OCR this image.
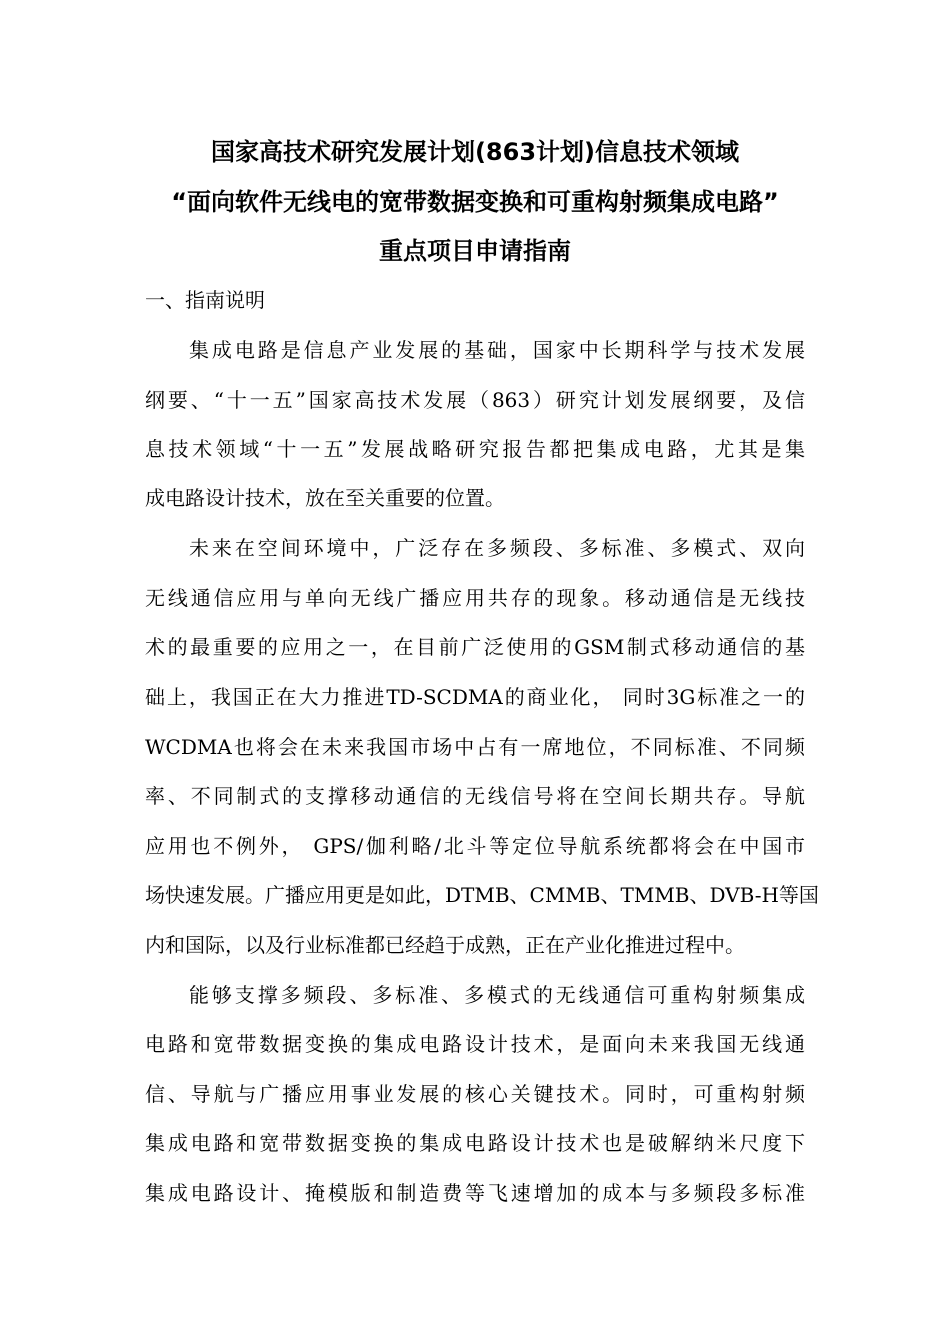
国家高技术研究发展计划(863计划)信息技术领域
“面向软件无线电的宽带数据变换和可重构射频集成电路”
重点项目申请指南
一、指南说明
集成电路是信息产业发展的基础，国家中长期科学与技术发展
纲要、“十一五”国家高技术发展（863）研究计划发展纲要，及信
息技术领域“十一五”发展战略研究报告都把集成电路，尤其是集
成电路设计技术，放在至关重要的位置。
未来在空间环境中，广泛存在多频段、多标准、多模式、双向
无线通信应用与单向无线广播应用共存的现象。移动通信是无线技
术的最重要的应用之一，在目前广泛使用的GSM制式移动通信的基
础上，我国正在大力推进TD-SCDMA的商业化， 同时3G标准之一的
WCDMA也将会在未来我国市场中占有一席地位，不同标准、不同频
率、不同制式的支撑移动通信的无线信号将在空间长期共存。导航
应用也不例外， GPS/伽利略/北斗等定位导航系统都将会在中国市
场快速发展。广播应用更是如此，DTMB、CMMB、TMMB、DVB-H等国
内和国际，以及行业标准都已经趋于成熟，正在产业化推进过程中。
能够支撑多频段、多标准、多模式的无线通信可重构射频集成
电路和宽带数据变换的集成电路设计技术，是面向未来我国无线通
信、导航与广播应用事业发展的核心关键技术。同时，可重构射频
集成电路和宽带数据变换的集成电路设计技术也是破解纳米尺度下
集成电路设计、掩模版和制造费等飞速增加的成本与多频段多标准
